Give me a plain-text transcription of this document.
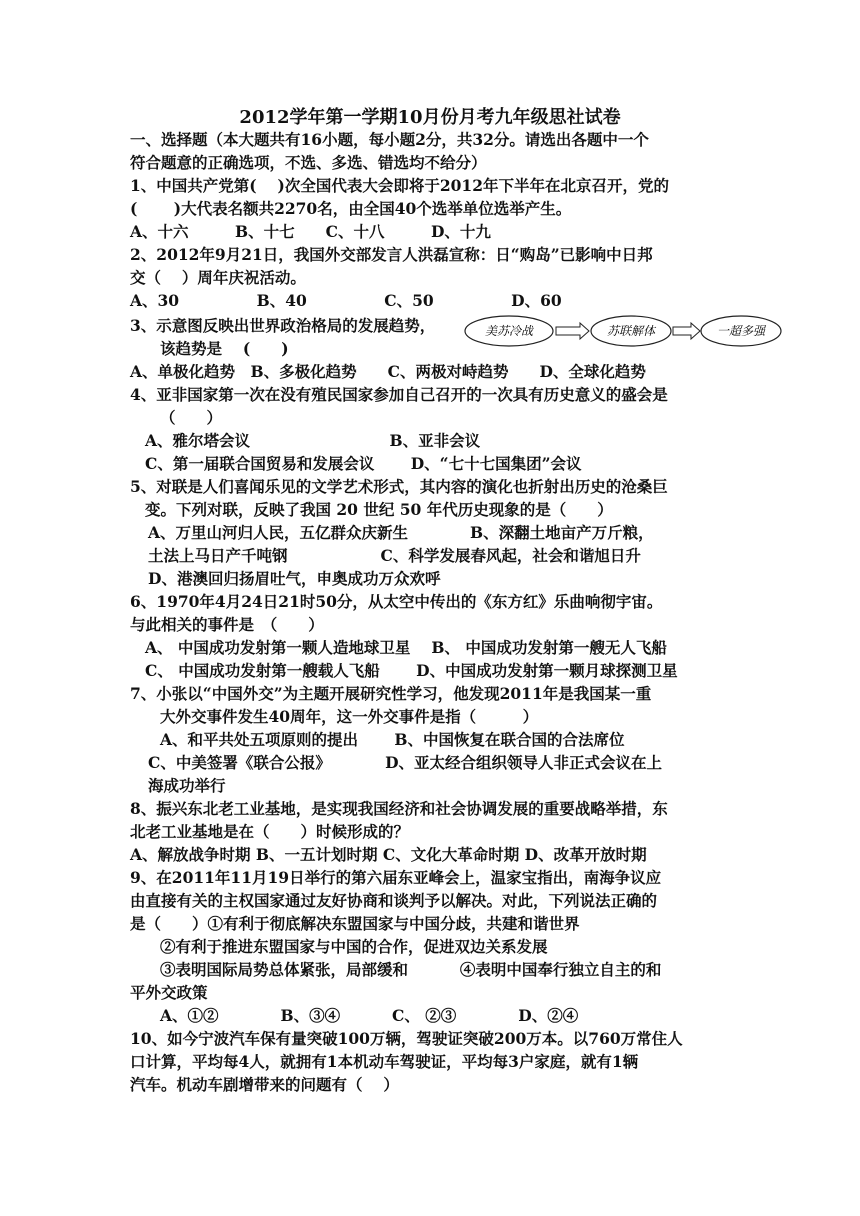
2012学年第一学期10月份月考九年级思社试卷
一、选择题（本大题共有16小题，每小题2分，共32分。请选出各题中一个
符合题意的正确选项，不选、多选、错选均不给分）
1、中国共产党第(　 )次全国代表大会即将于2012年下半年在北京召开，党的
(　 　)大代表名额共2270名，由全国40个选举单位选举产生。
A、十六　　　B、十七　　C、十八　　　D、十九
2、2012年9月21日，我国外交部发言人洪磊宣称：日“购岛”已影响中日邦
交（　 ）周年庆祝活动。
A、30　　　　　B、40　　　　　C、50　　　　　D、60
3、示意图反映出世界政治格局的发展趋势，	美苏冷战	苏联解体	一超多强
该趋势是　 (　　)
A、单极化趋势　B、多极化趋势　　C、两极对峙趋势　　D、全球化趋势
4、亚非国家第一次在没有殖民国家参加自己召开的一次具有历史意义的盛会是
（　　）
A、雅尔塔会议　　　　　　　　　B、亚非会议
C、第一届联合国贸易和发展会议　　 D、“七十七国集团”会议
5、对联是人们喜闻乐见的文学艺术形式，其内容的演化也折射出历史的沧桑巨
变。下列对联，反映了我国 20 世纪 50 年代历史现象的是（　　）
A、万里山河归人民，五亿群众庆新生　　　　B、深翻土地亩产万斤粮，
土法上马日产千吨钢　　　　　　C、科学发展春风起，社会和谐旭日升
D、港澳回归扬眉吐气，申奥成功万众欢呼
6、1970年4月24日21时50分，从太空中传出的《东方红》乐曲响彻宇宙。
与此相关的事件是　（　　）
A、 中国成功发射第一颗人造地球卫星　 B、 中国成功发射第一艘无人飞船
C、 中国成功发射第一艘载人飞船　　 D、中国成功发射第一颗月球探测卫星
7、小张以“中国外交”为主题开展研究性学习，他发现2011年是我国某一重
大外交事件发生40周年，这一外交事件是指（　　　）
A、和平共处五项原则的提出　　 B、中国恢复在联合国的合法席位
C、中美签署《联合公报》　　　　D、亚太经合组织领导人非正式会议在上
海成功举行
8、振兴东北老工业基地，是实现我国经济和社会协调发展的重要战略举措，东
北老工业基地是在（　　）时候形成的？
A、解放战争时期 B、一五计划时期 C、文化大革命时期 D、改革开放时期
9、在2011年11月19日举行的第六届东亚峰会上，温家宝指出，南海争议应
由直接有关的主权国家通过友好协商和谈判予以解决。对此，下列说法正确的
是（　　）①有利于彻底解决东盟国家与中国分歧，共建和谐世界
②有利于推进东盟国家与中国的合作，促进双边关系发展
③表明国际局势总体紧张，局部缓和　　　 ④表明中国奉行独立自主的和
平外交政策
A、①②　　　　B、③④　　　 C、 ②③　　　　D、②④
10、如今宁波汽车保有量突破100万辆，驾驶证突破200万本。以760万常住人
口计算，平均每4人，就拥有1本机动车驾驶证，平均每3户家庭，就有1辆
汽车。机动车剧增带来的问题有（　 ）
